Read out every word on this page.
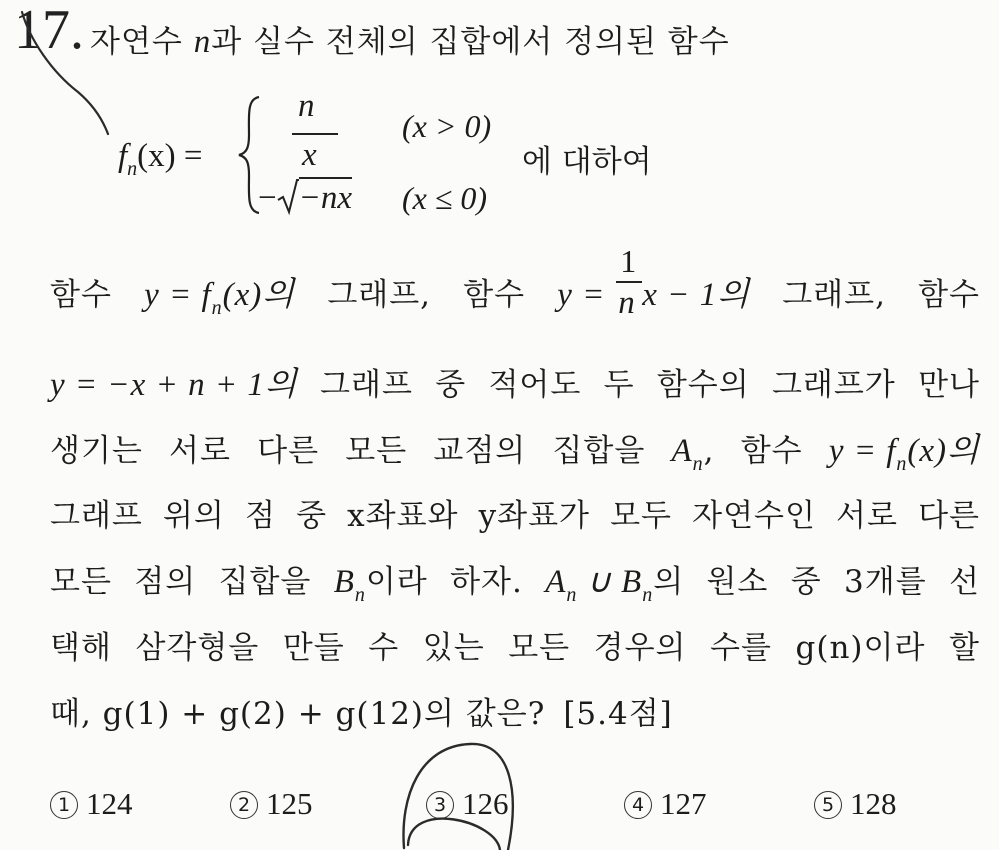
17. 자연수 n과 실수 전체의 집합에서 정의된 함수
$f_n(x)$ =
n
x
(x > 0)
− −nx (x ≤ 0)
에 대하여
함수 $y = f_n(x)$의 그래프, 함수 $y = \frac{1}{n}$ x − 1의 그래프, 함수
y = −x + n + 1의 그래프 중 적어도 두 함수의 그래프가 만나
생기는 서로 다른 모든 교점의 집합을 $A_n$, 함수 $y = f_n(x)$의
그래프 위의 점 중 x좌표와 y좌표가 모두 자연수인 서로 다른
모든 점의 집합을 $B_n$이라 하자. $A_n$ ∪ $B_n$의 원소 중 3개를 선
택해 삼각형을 만들 수 있는 모든 경우의 수를 g(n)이라 할
때, g(1) + g(2) + g(12)의 값은? [5.4점]
1 124	2 125	3 126	4 127	5 128
